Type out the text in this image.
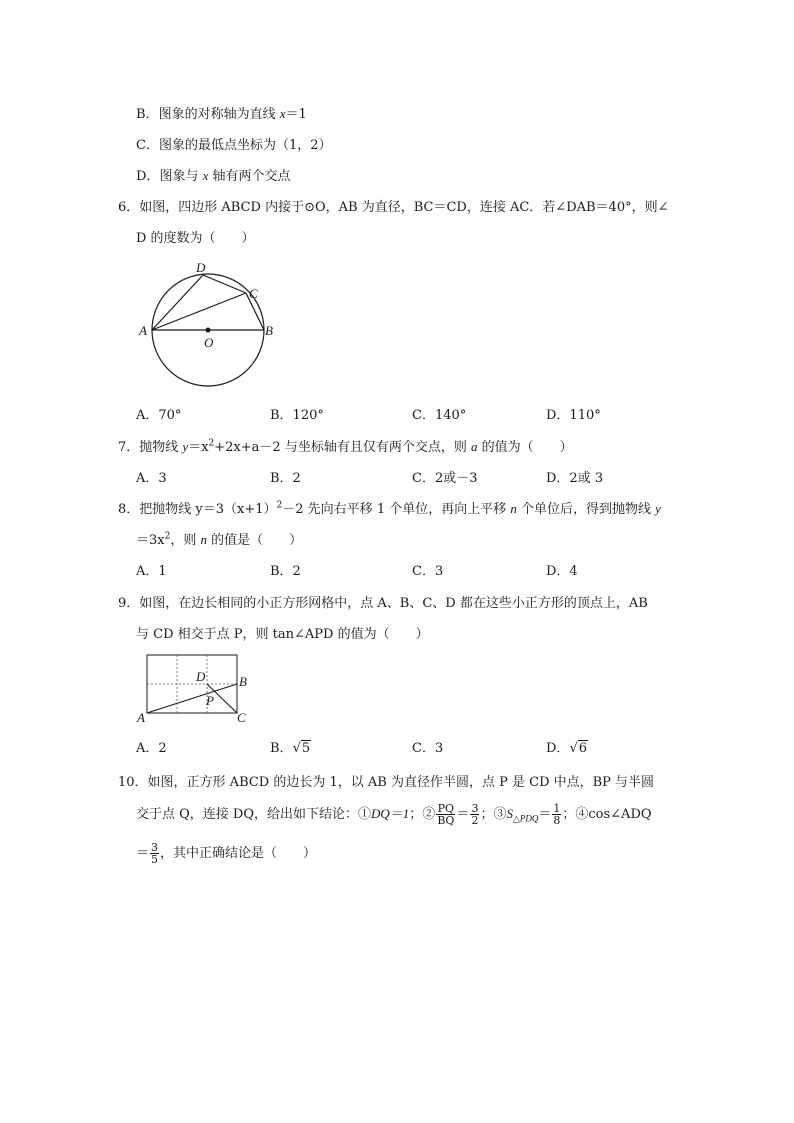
B．图象的对称轴为直线 x＝1
C．图象的最低点坐标为（1，2）
D．图象与 x 轴有两个交点
6．如图，四边形 ABCD 内接于⊙O，AB 为直径，BC＝CD，连接 AC．若∠DAB＝40°，则∠
D 的度数为（　　）
A	B
C
D
O
A．70°	B．120°	C．140°	D．110°
7．抛物线 $y=x^2+2x+a-2$ 与坐标轴有且仅有两个交点，则 a 的值为（　　）
A．3	B．2	C．2或－3	D．2或 3
8．把抛物线 $y=3(x+1)^2-2$ 先向右平移 1 个单位，再向上平移 n 个单位后，得到抛物线 y
$=3x^2$，则 n 的值是（　　）
A．1	B．2	C．3	D．4
9．如图，在边长相同的小正方形网格中，点 A、B、C、D 都在这些小正方形的顶点上，AB
与 CD 相交于点 P，则 tan∠APD 的值为（　　）
A
B
C
D
P
A．2	B．√5	C．3	D．√6
10．如图，正方形 ABCD 的边长为 1，以 AB 为直径作半圆，点 P 是 CD 中点，BP 与半圆
交于点 Q，连接 DQ，给出如下结论：①DQ＝1；② $\frac{PQ}{BQ} = \frac{3}{2}$ ；$③S_{\triangle PDQ}= \frac{1}{8}$ ；④cos∠ADQ
＝ $\frac{3}{5}$ ，其中正确结论是（　　）
